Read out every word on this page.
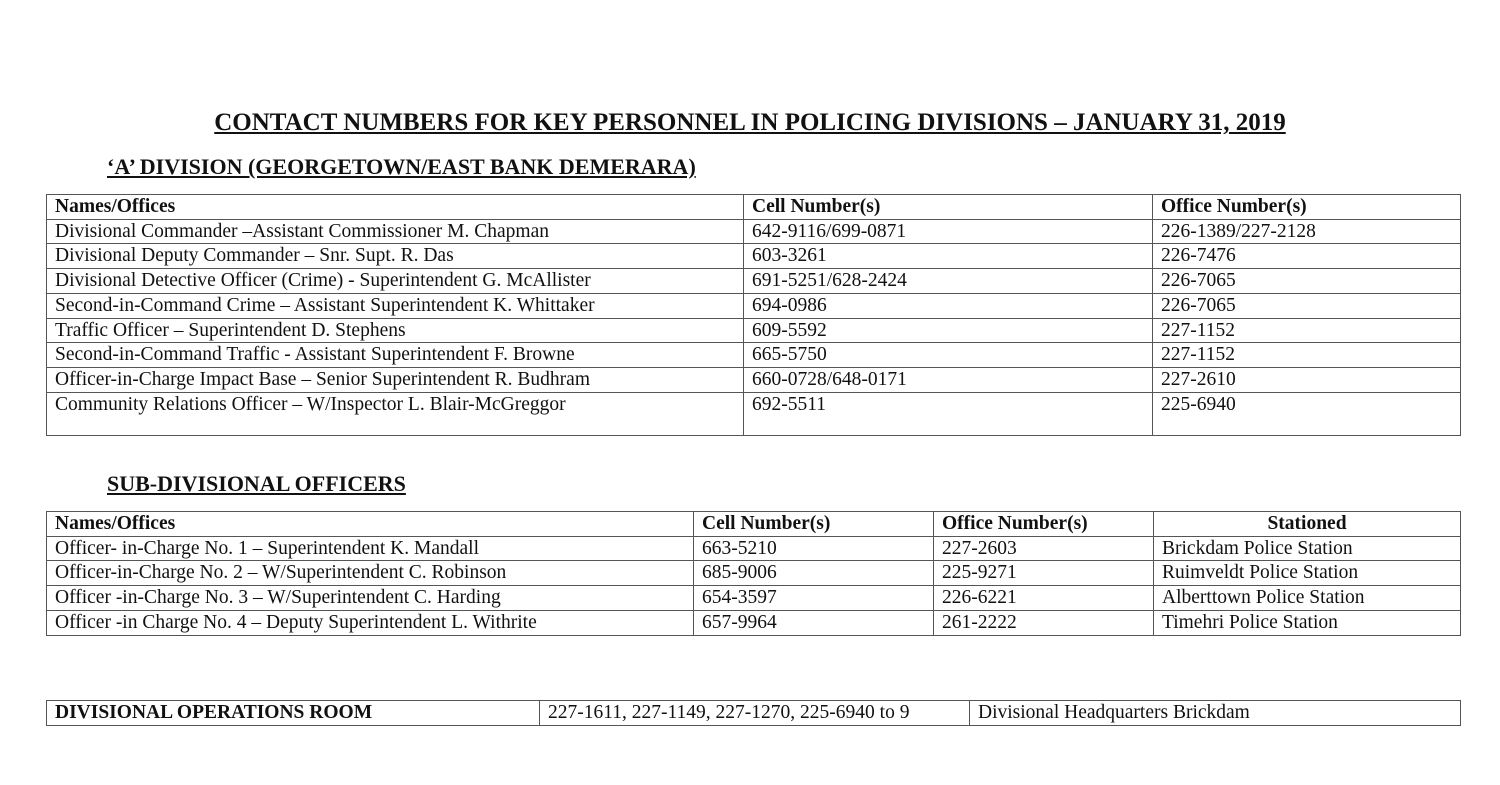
CONTACT NUMBERS FOR KEY PERSONNEL IN POLICING DIVISIONS – JANUARY 31, 2019
‘A’ DIVISION (GEORGETOWN/EAST BANK DEMERARA)
Names/Offices	Cell Number(s)	Office Number(s)
Divisional Commander –Assistant Commissioner M. Chapman	642-9116/699-0871	226-1389/227-2128
Divisional Deputy Commander – Snr. Supt. R. Das	603-3261	226-7476
Divisional Detective Officer (Crime) - Superintendent G. McAllister	691-5251/628-2424	226-7065
Second-in-Command Crime – Assistant Superintendent K. Whittaker	694-0986	226-7065
Traffic Officer – Superintendent D. Stephens	609-5592	227-1152
Second-in-Command Traffic - Assistant Superintendent F. Browne	665-5750	227-1152
Officer-in-Charge Impact Base – Senior Superintendent R. Budhram	660-0728/648-0171	227-2610
Community Relations Officer – W/Inspector L. Blair-McGreggor	692-5511	225-6940
SUB-DIVISIONAL OFFICERS
Names/Offices	Cell Number(s)	Office Number(s)	Stationed
Officer- in-Charge No. 1 – Superintendent K. Mandall	663-5210	227-2603	Brickdam Police Station
Officer-in-Charge No. 2 – W/Superintendent C. Robinson	685-9006	225-9271	Ruimveldt Police Station
Officer -in-Charge No. 3 – W/Superintendent C. Harding	654-3597	226-6221	Alberttown Police Station
Officer -in Charge No. 4 – Deputy Superintendent L. Withrite	657-9964	261-2222	Timehri Police Station
DIVISIONAL OPERATIONS ROOM	227-1611, 227-1149, 227-1270, 225-6940 to 9	Divisional Headquarters Brickdam
